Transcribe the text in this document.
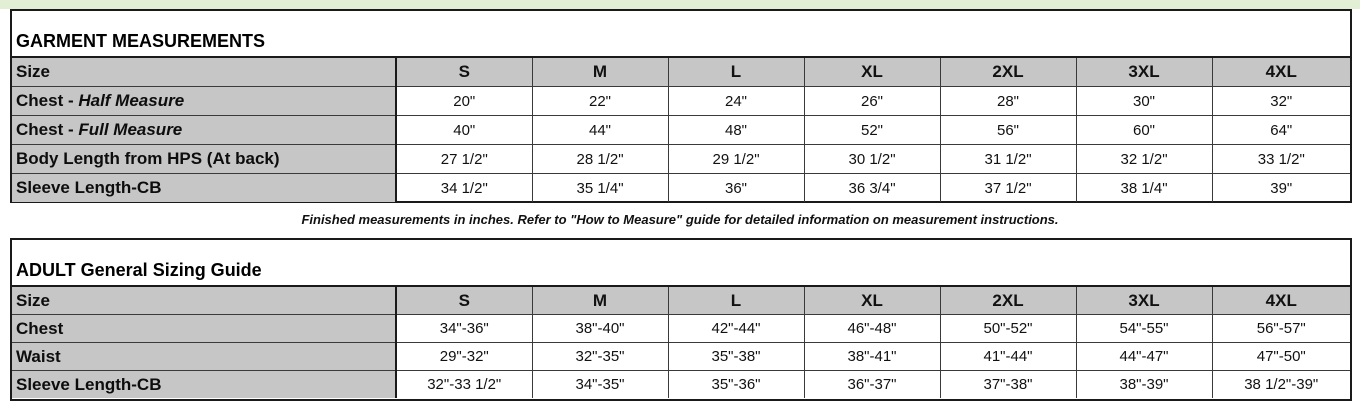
GARMENT MEASUREMENTS
Size	S	M	L	XL	2XL	3XL	4XL
Chest - Half Measure	20"	22"	24"	26"	28"	30"	32"
Chest - Full Measure	40"	44"	48"	52"	56"	60"	64"
Body Length from HPS (At back)	27 1/2"	28 1/2"	29 1/2"	30 1/2"	31 1/2"	32 1/2"	33 1/2"
Sleeve Length-CB	34 1/2"	35 1/4"	36"	36 3/4"	37 1/2"	38 1/4"	39"
Finished measurements in inches. Refer to "How to Measure" guide for detailed information on measurement instructions.
ADULT General Sizing Guide
Size	S	M	L	XL	2XL	3XL	4XL
Chest	34"-36"	38"-40"	42"-44"	46"-48"	50"-52"	54"-55"	56"-57"
Waist	29"-32"	32"-35"	35"-38"	38"-41"	41"-44"	44"-47"	47"-50"
Sleeve Length-CB	32"-33 1/2"	34"-35"	35"-36"	36"-37"	37"-38"	38"-39"	38 1/2"-39"
